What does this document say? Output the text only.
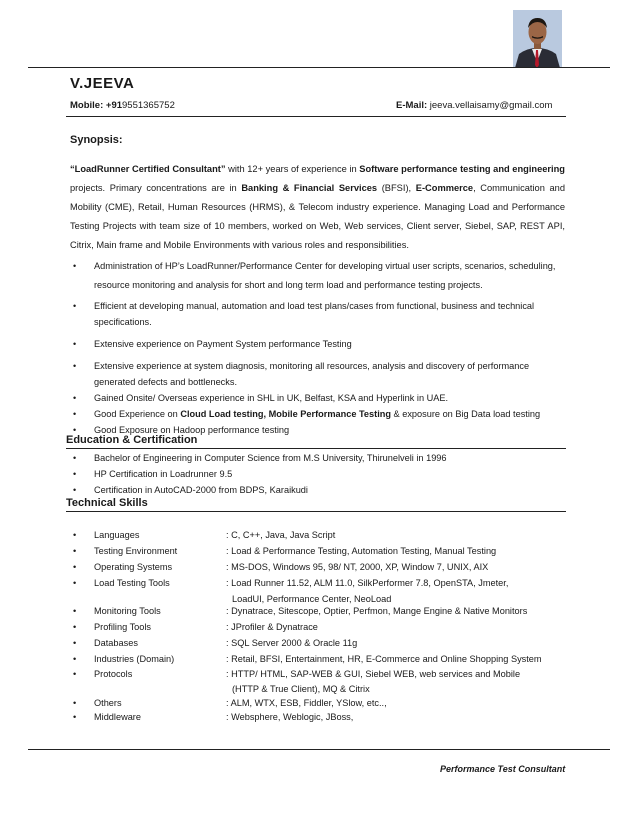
V.JEEVA
Mobile: +919551365752	E-Mail: jeeva.vellaisamy@gmail.com
Synopsis:
“LoadRunner Certified Consultant” with 12+ years of experience in Software performance testing and engineering projects. Primary concentrations are in Banking & Financial Services (BFSI), E-Commerce, Communication and Mobility (CME), Retail, Human Resources (HRMS), & Telecom industry experience. Managing Load and Performance Testing Projects with team size of 10 members, worked on Web, Web services, Client server, Siebel, SAP, REST API, Citrix, Main frame and Mobile Environments with various roles and responsibilities.
• Administration of HP’s LoadRunner/Performance Center for developing virtual user scripts, scenarios, scheduling, resource monitoring and analysis for short and long term load and performance testing projects.
• Efficient at developing manual, automation and load test plans/cases from functional, business and technical specifications.
• Extensive experience on Payment System performance Testing
• Extensive experience at system diagnosis, monitoring all resources, analysis and discovery of performance generated defects and bottlenecks.
• Gained Onsite/ Overseas experience in SHL in UK, Belfast, KSA and Hyperlink in UAE.
• Good Experience on Cloud Load testing, Mobile Performance Testing & exposure on Big Data load testing
• Good Exposure on Hadoop performance testing
Education & Certification
• Bachelor of Engineering in Computer Science from M.S University, Thirunelveli in 1996
• HP Certification in Loadrunner 9.5
• Certification in AutoCAD-2000 from BDPS, Karaikudi
Technical Skills
• Languages	: C, C++, Java, Java Script
• Testing Environment	: Load & Performance Testing, Automation Testing, Manual Testing
• Operating Systems	: MS-DOS, Windows 95, 98/ NT, 2000, XP, Window 7, UNIX, AIX
• Load Testing Tools	: Load Runner 11.52, ALM 11.0, SilkPerformer 7.8, OpenSTA, Jmeter,
LoadUI, Performance Center, NeoLoad
• Monitoring Tools	: Dynatrace, Sitescope, Optier, Perfmon, Mange Engine & Native Monitors
• Profiling Tools	: JProfiler & Dynatrace
• Databases	: SQL Server 2000 & Oracle 11g
• Industries (Domain)	: Retail, BFSI, Entertainment, HR, E-Commerce and Online Shopping System
• Protocols	: HTTP/ HTML, SAP-WEB & GUI, Siebel WEB, web services and Mobile
(HTTP & True Client), MQ & Citrix
• Others	: ALM, WTX, ESB, Fiddler, YSlow, etc..,
• Middleware	: Websphere, Weblogic, JBoss,
Performance Test Consultant
